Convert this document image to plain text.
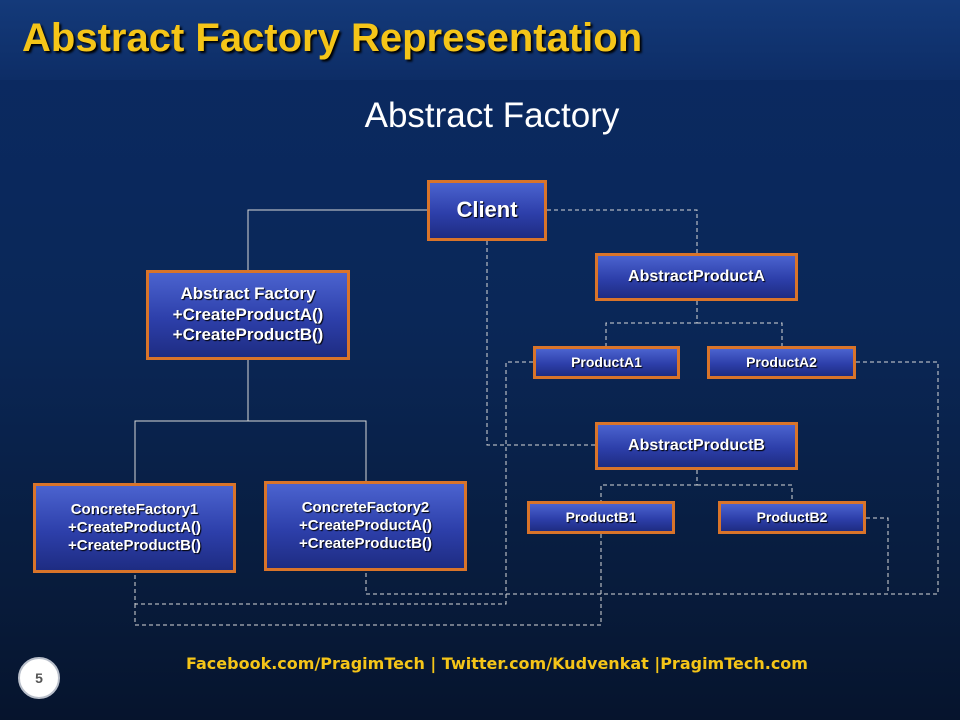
Abstract Factory Representation
Abstract Factory
Client
Abstract Factory
+CreateProductA()
+CreateProductB()
ConcreteFactory1
+CreateProductA()
+CreateProductB()
ConcreteFactory2
+CreateProductA()
+CreateProductB()
AbstractProductA
ProductA1	ProductA2
AbstractProductB
ProductB1	ProductB2
Facebook.com/PragimTech | Twitter.com/Kudvenkat |PragimTech.com
5
